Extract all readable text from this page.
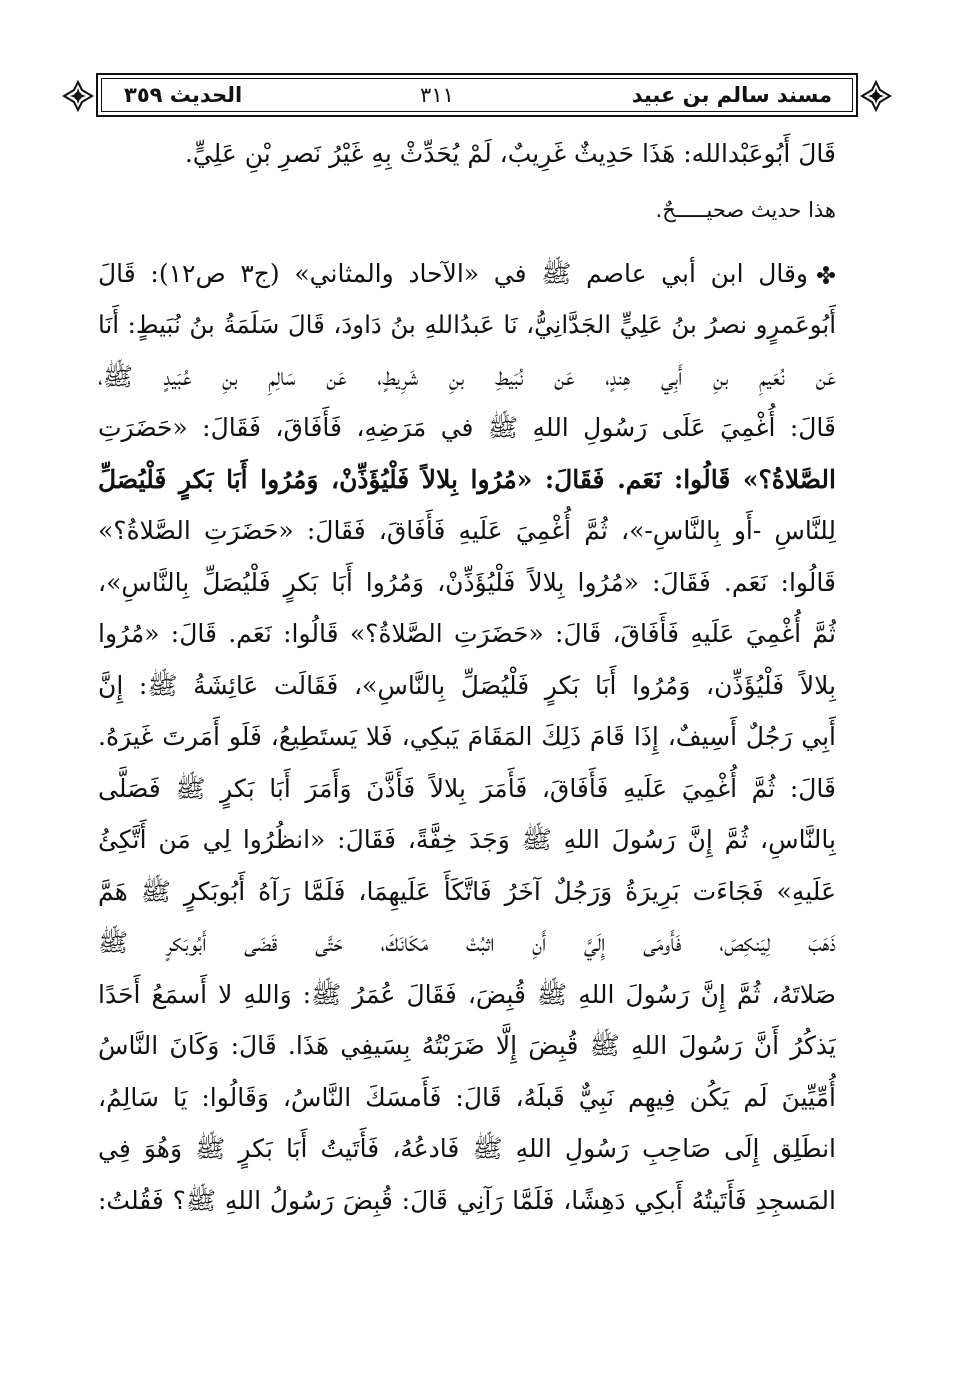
مسند سالم بن عبيد
٣١١
الحديث ٣٥٩
قَالَ أَبُوعَبْدالله: هَذَا حَدِيثٌ غَرِيبٌ، لَمْ يُحَدِّثْ بِهِ غَيْرُ نَصرِ بْنِ عَلِيٍّ.
هذا حديث صحيـــــحٌ.
وقال ابن أبي عاصم ﷺ في «الآحاد والمثاني» (ج٣ ص١٢): قَالَ
أَبُوعَمرٍو نصرُ بنُ عَلِيٍّ الجَدَّانِيُّ، نَا عَبدُاللهِ بنُ دَاودَ، قَالَ سَلَمَةُ بنُ نُبَيطٍ: أَنَا
عَن نُعَيمِ بنِ أَبِي هِندٍ، عَن نُبَيطِ بنِ شَرِيطٍ، عَن سَالِمِ بنِ عُبَيدٍ ﷺ،
قَالَ: أُغْمِيَ عَلَى رَسُولِ اللهِ ﷺ في مَرَضِهِ، فَأَفَاقَ، فَقَالَ: «حَضَرَتِ
الصَّلاةُ؟» قَالُوا: نَعَم. فَقَالَ: «مُرُوا بِلالاً فَلْيُؤَذِّنْ، وَمُرُوا أَبَا بَكرٍ فَلْيُصَلِّ
لِلنَّاسِ -أَو بِالنَّاسِ-»، ثُمَّ أُغْمِيَ عَلَيهِ فَأَفَاقَ، فَقَالَ: «حَضَرَتِ الصَّلاةُ؟»
قَالُوا: نَعَم. فَقَالَ: «مُرُوا بِلالاً فَلْيُؤَذِّنْ، وَمُرُوا أَبَا بَكرٍ فَلْيُصَلِّ بِالنَّاسِ»،
ثُمَّ أُغْمِيَ عَلَيهِ فَأَفَاقَ، قَالَ: «حَضَرَتِ الصَّلاةُ؟» قَالُوا: نَعَم. قَالَ: «مُرُوا
بِلالاً فَلْيُؤَذِّن، وَمُرُوا أَبَا بَكرٍ فَلْيُصَلِّ بِالنَّاسِ»، فَقَالَت عَائِشَةُ ﷺ: إِنَّ
أَبِي رَجُلٌ أَسِيفٌ، إِذَا قَامَ ذَلِكَ المَقَامَ يَبكِي، فَلا يَستَطِيعُ، فَلَو أَمَرتَ غَيرَهُ.
قَالَ: ثُمَّ أُغْمِيَ عَلَيهِ فَأَفَاقَ، فَأَمَرَ بِلالاً فَأَذَّنَ وَأَمَرَ أَبَا بَكرٍ ﷺ فَصَلَّى
بِالنَّاسِ، ثُمَّ إِنَّ رَسُولَ اللهِ ﷺ وَجَدَ خِفَّةً، فَقَالَ: «انظُرُوا لِي مَن أَتَّكِئُ
عَلَيهِ» فَجَاءَت بَرِيرَةُ وَرَجُلٌ آخَرُ فَاتَّكَأَ عَلَيهِمَا، فَلَمَّا رَآهُ أَبُوبَكرٍ ﷺ هَمَّ
ذَهَبَ لِيَنكِصَ، فَأَومَى إِلَيَّ أَنِ اثبُتْ مَكَانَكَ، حَتَّى قَضَى أَبُوبَكرٍ ﷺ
صَلاتَهُ، ثُمَّ إِنَّ رَسُولَ اللهِ ﷺ قُبِضَ، فَقَالَ عُمَرُ ﷺ: وَاللهِ لا أَسمَعُ أَحَدًا
يَذكُرُ أَنَّ رَسُولَ اللهِ ﷺ قُبِضَ إِلَّا ضَرَبْتُهُ بِسَيفِي هَذَا. قَالَ: وَكَانَ النَّاسُ
أُمِّيِّينَ لَم يَكُن فِيهِم نَبِيٌّ قَبلَهُ، قَالَ: فَأَمسَكَ النَّاسُ، وَقَالُوا: يَا سَالِمُ،
انطَلِق إِلَى صَاحِبِ رَسُولِ اللهِ ﷺ فَادعُهُ، فَأَتَيتُ أَبَا بَكرٍ ﷺ وَهُوَ فِي
المَسجِدِ فَأَتَيتُهُ أَبكِي دَهِشًا، فَلَمَّا رَآنِي قَالَ: قُبِضَ رَسُولُ اللهِ ﷺ؟ فَقُلتُ:
